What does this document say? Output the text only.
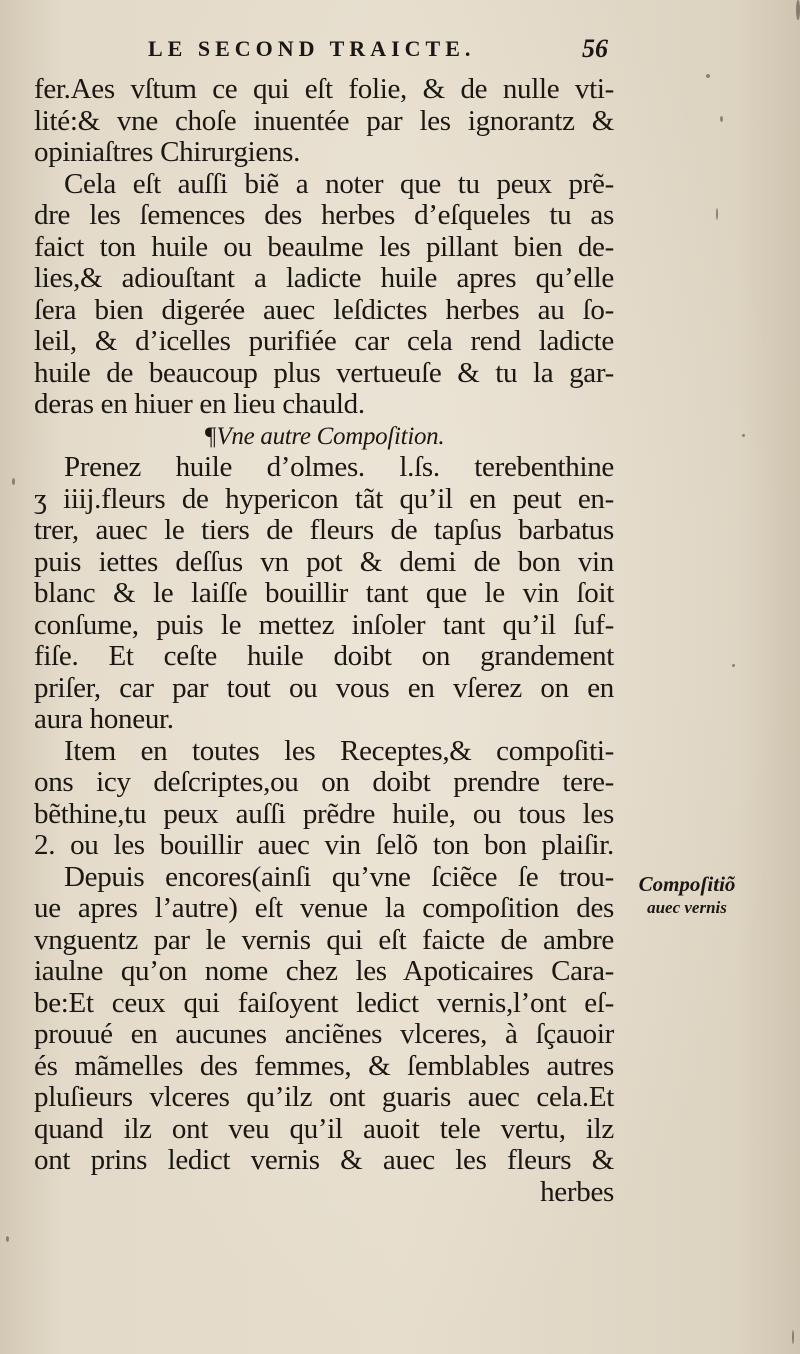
LE SECOND TRAICTE.	56
fer.Aes vſtum ce qui eſt folie, & de nulle vti-
lité:& vne choſe inuentée par les ignorantz &
opiniaſtres Chirurgiens.
Cela eſt auſſi biẽ a noter que tu peux prẽ-
dre les ſemences des herbes d’eſqueles tu as
faict ton huile ou beaulme les pillant bien de-
lies,& adiouſtant a ladicte huile apres qu’elle
ſera bien digerée auec leſdictes herbes au ſo-
leil, & d’icelles purifiée car cela rend ladicte
huile de beaucoup plus vertueuſe & tu la gar-
deras en hiuer en lieu chauld.
¶Vne autre Compoſition.
Prenez huile d’olmes. l.ſs. terebenthine
ʒ iiij.fleurs de hypericon tãt qu’il en peut en-
trer, auec le tiers de fleurs de tapſus barbatus
puis iettes deſſus vn pot & demi de bon vin
blanc & le laiſſe bouillir tant que le vin ſoit
conſume, puis le mettez inſoler tant qu’il ſuf-
fiſe. Et ceſte huile doibt on grandement
priſer, car par tout ou vous en vſerez on en
aura honeur.
Item en toutes les Receptes,& compoſiti-
ons icy deſcriptes,ou on doibt prendre tere-
bẽthine,tu peux auſſi prẽdre huile, ou tous les
2. ou les bouillir auec vin ſelõ ton bon plaiſir.
Depuis encores(ainſi qu’vne ſciẽce ſe trou-
ue apres l’autre) eſt venue la compoſition des
vnguentz par le vernis qui eſt faicte de ambre
iaulne qu’on nome chez les Apoticaires Cara-
be:Et ceux qui faiſoyent ledict vernis,l’ont eſ-
prouué en aucunes anciẽnes vlceres, à ſçauoir
és mãmelles des femmes, & ſemblables autres
pluſieurs vlceres qu’ilz ont guaris auec cela.Et
quand ilz ont veu qu’il auoit tele vertu, ilz
ont prins ledict vernis & auec les fleurs &
herbes
Compoſitiõ
auec vernis
